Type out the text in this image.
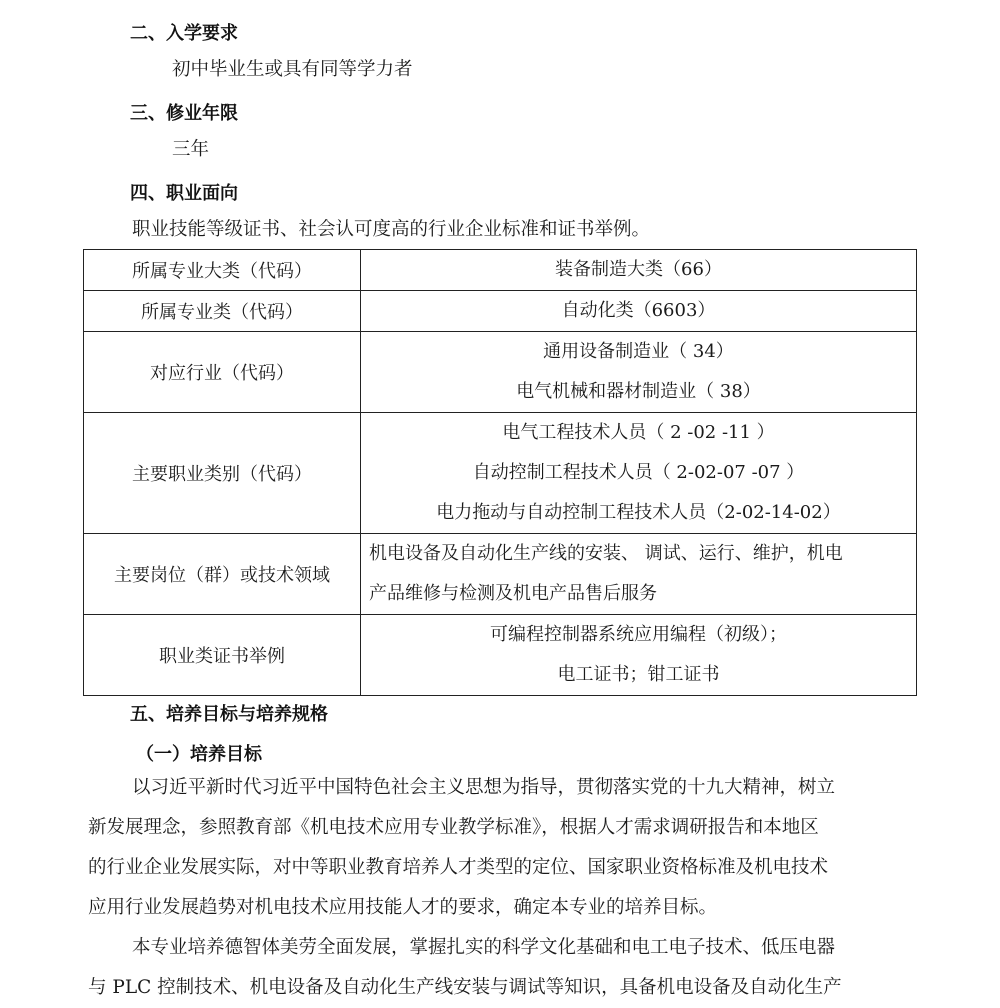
二、入学要求
初中毕业生或具有同等学力者
三、修业年限
三年
四、职业面向
职业技能等级证书、社会认可度高的行业企业标准和证书举例。
所属专业大类（代码）	装备制造大类（66）

所属专业类（代码）	自动化类（6603）

对应行业（代码）	通用设备制造业（ 34）
电气机械和器材制造业（ 38）

主要职业类别（代码）	电气工程技术人员（ 2 -02 -11 ）
自动控制工程技术人员（ 2-02-07 -07 ）
电力拖动与自动控制工程技术人员（2-02-14-02）

主要岗位（群）或技术领域	机电设备及自动化生产线的安装、 调试、运行、维护，机电
产品维修与检测及机电产品售后服务

职业类证书举例	可编程控制器系统应用编程（初级）；
电工证书；钳工证书
五、培养目标与培养规格
（一）培养目标
以习近平新时代习近平中国特色社会主义思想为指导，贯彻落实党的十九大精神，树立
新发展理念，参照教育部《机电技术应用专业教学标准》，根据人才需求调研报告和本地区
的行业企业发展实际，对中等职业教育培养人才类型的定位、国家职业资格标准及机电技术
应用行业发展趋势对机电技术应用技能人才的要求，确定本专业的培养目标。
本专业培养德智体美劳全面发展，掌握扎实的科学文化基础和电工电子技术、低压电器
与 PLC 控制技术、机电设备及自动化生产线安装与调试等知识，具备机电设备及自动化生产
